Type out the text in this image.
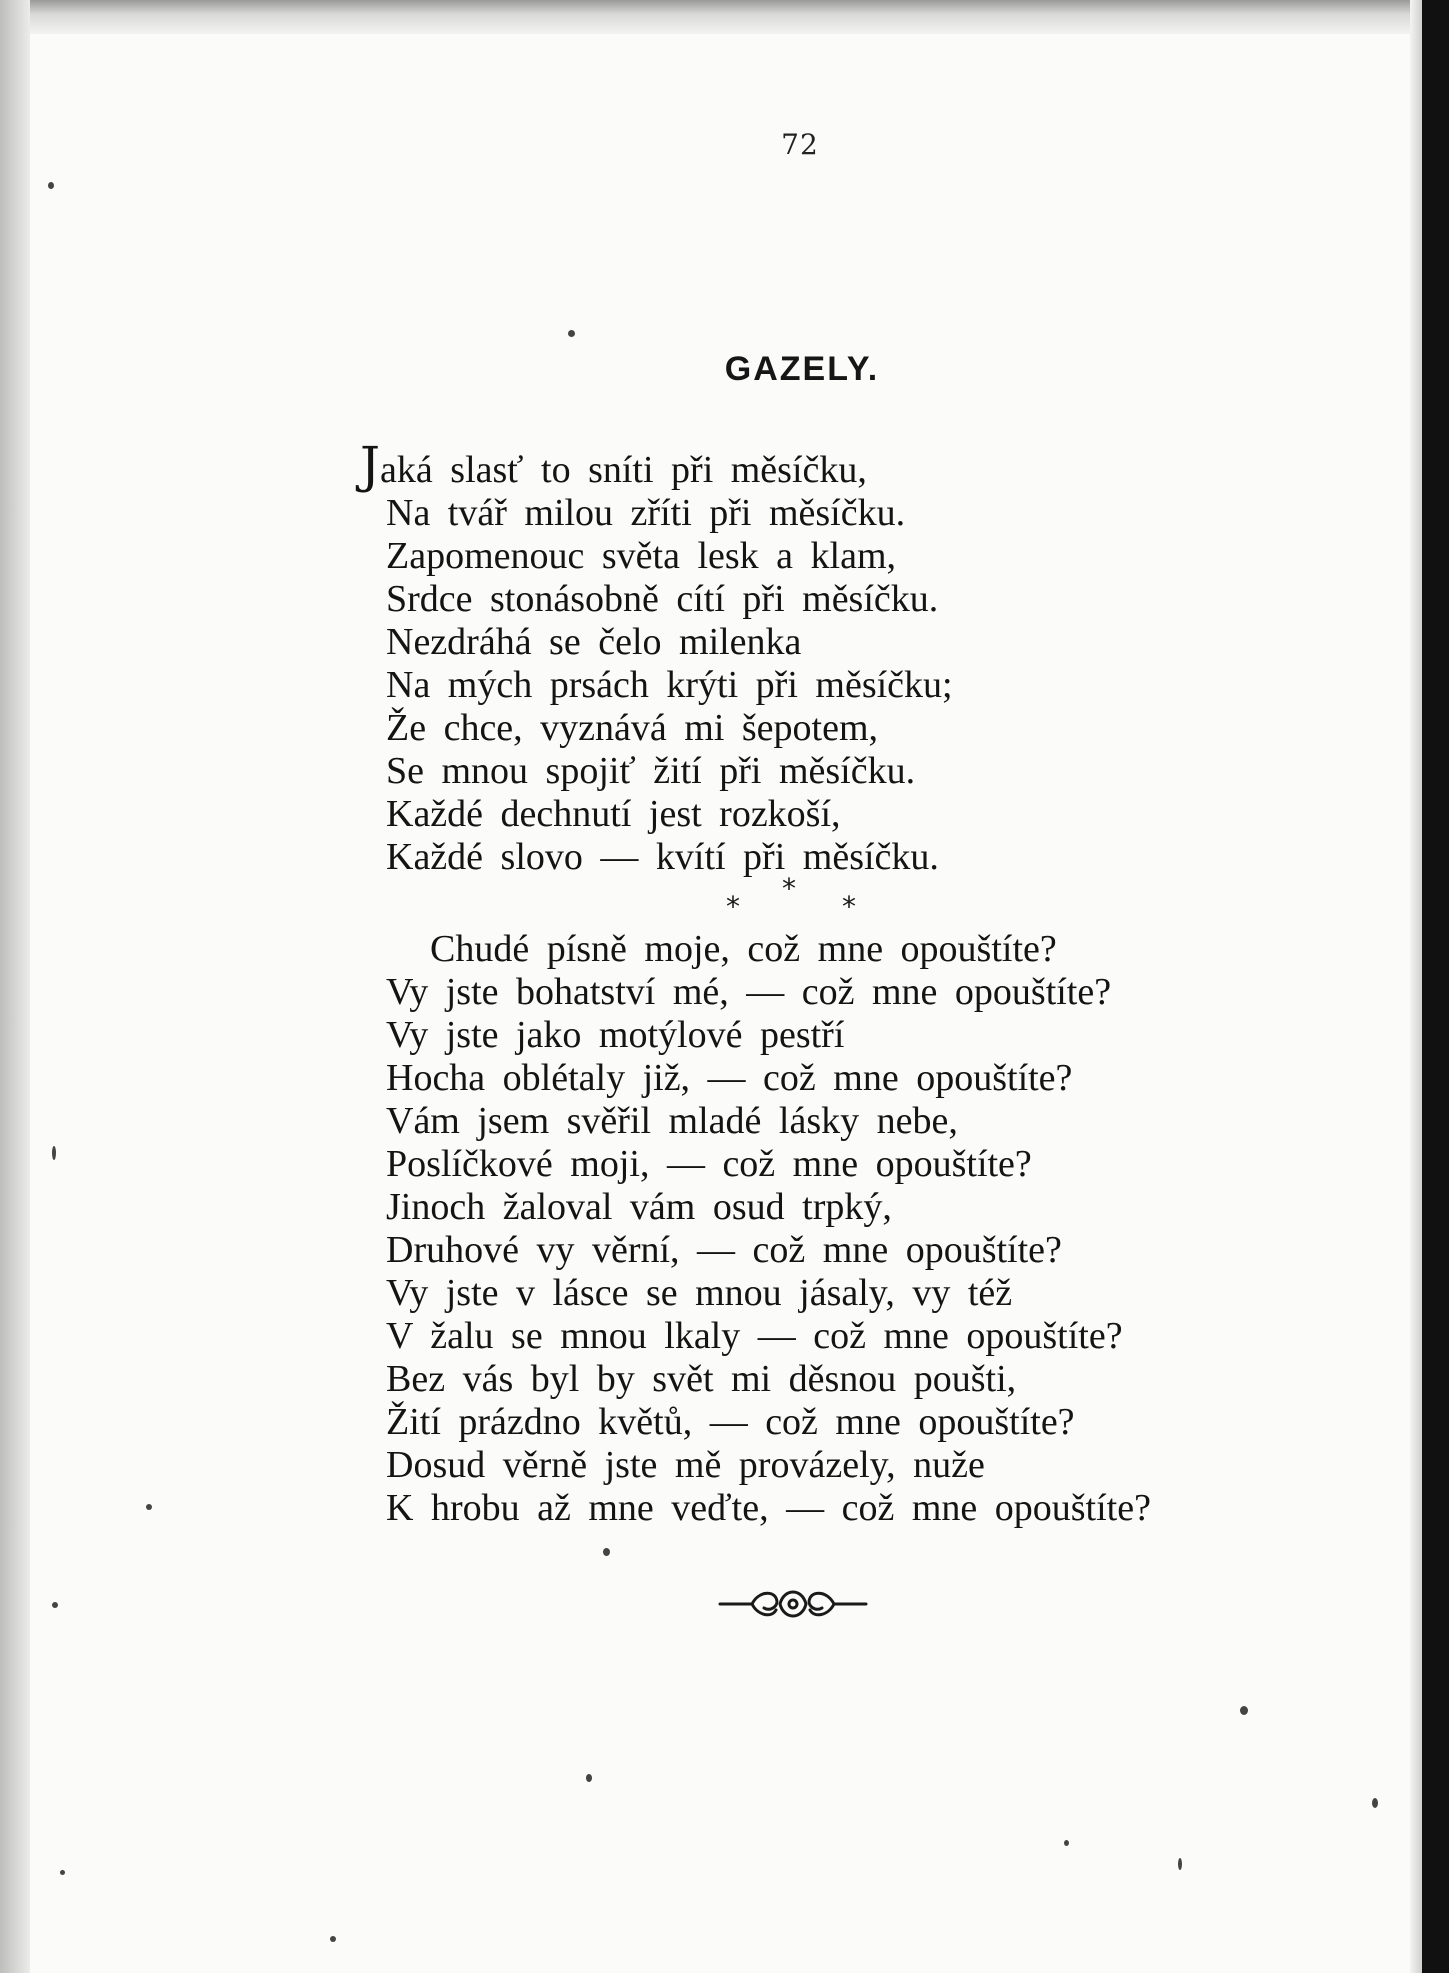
72
GAZELY.
Jaká slasť to sníti při měsíčku,
Na tvář milou zříti při měsíčku.
Zapomenouc světa lesk a klam,
Srdce stonásobně cítí při měsíčku.
Nezdráhá se čelo milenka
Na mých prsách krýti při měsíčku;
Že chce, vyznává mi šepotem,
Se mnou spojiť žití při měsíčku.
Každé dechnutí jest rozkoší,
Každé slovo — kvítí při měsíčku.
*
*	*
Chudé písně moje, což mne opouštíte?
Vy jste bohatství mé, — což mne opouštíte?
Vy jste jako motýlové pestří
Hocha oblétaly již, — což mne opouštíte?
Vám jsem svěřil mladé lásky nebe,
Poslíčkové moji, — což mne opouštíte?
Jinoch žaloval vám osud trpký,
Druhové vy věrní, — což mne opouštíte?
Vy jste v lásce se mnou jásaly, vy též
V žalu se mnou lkaly — což mne opouštíte?
Bez vás byl by svět mi děsnou poušti,
Žití prázdno květů, — což mne opouštíte?
Dosud věrně jste mě provázely, nuže
K hrobu až mne veďte, — což mne opouštíte?
